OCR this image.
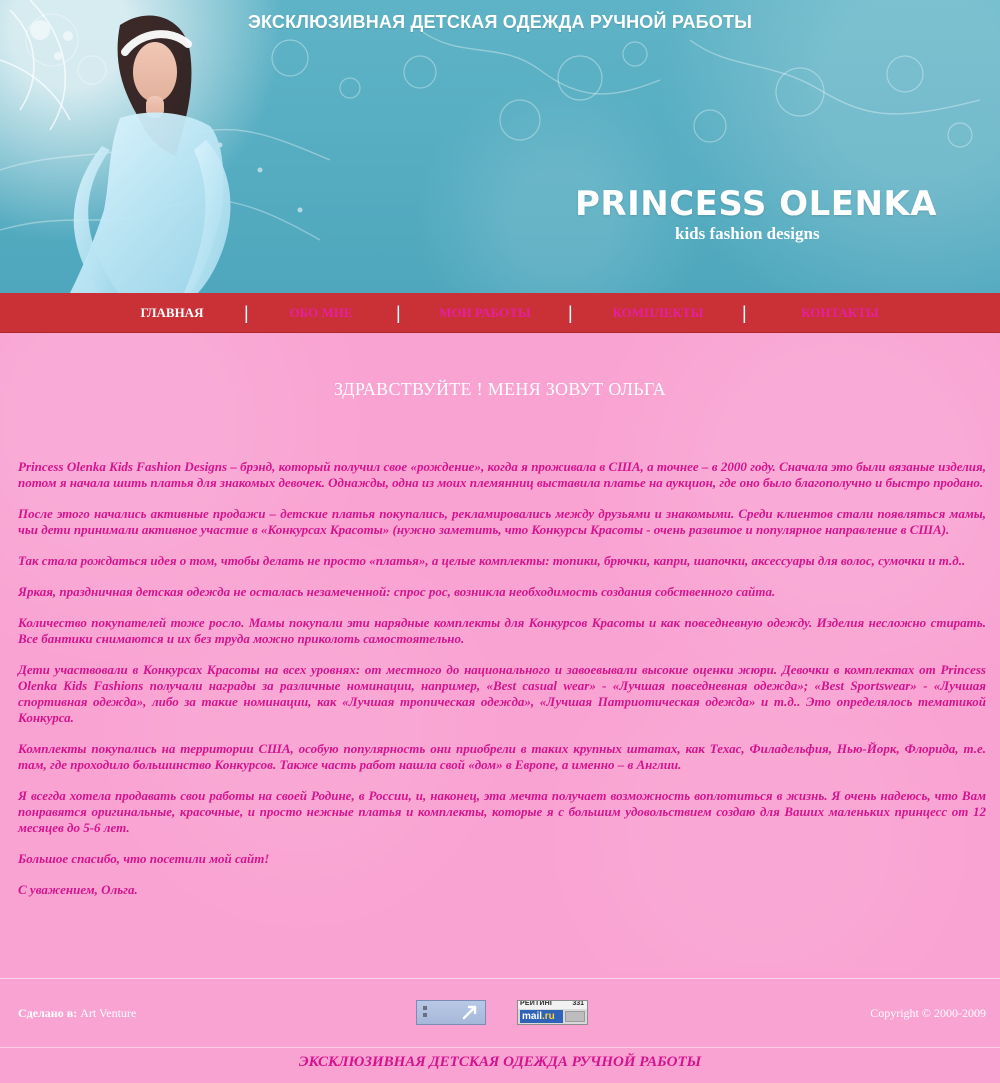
ЭКСКЛЮЗИВНАЯ ДЕТСКАЯ ОДЕЖДА РУЧНОЙ РАБОТЫ
PRINCESS OLENKA
kids fashion designs
ГЛАВНАЯ	|	ОБО МНЕ	|	МОИ РАБОТЫ	|	КОМПЛЕКТЫ	|	КОНТАКТЫ
ЗДРАВСТВУЙТЕ ! МЕНЯ ЗОВУТ ОЛЬГА

Princess Olenka Kids Fashion Designs – брэнд, который получил свое «рождение», когда я проживала в США, а точнее – в 2000 году. Сначала это были вязаные изделия, потом я начала шить платья для знакомых девочек. Однажды, одна из моих племянниц выставила платье на аукцион, где оно было благополучно и быстро продано.

После этого начались активные продажи – детские платья покупались, рекламировались между друзьями и знакомыми. Среди клиентов стали появляться мамы, чьи дети принимали активное участие в «Конкурсах Красоты» (нужно заметить, что Конкурсы Красоты - очень развитое и популярное направление в США).

Так стала рождаться идея о том, чтобы делать не просто «платья», а целые комплекты: топики, брючки, капри, шапочки, аксессуары для волос, сумочки и т.д..

Яркая, праздничная детская одежда не осталась незамеченной: спрос рос, возникла необходимость создания собственного сайта.

Количество покупателей тоже росло. Мамы покупали эти нарядные комплекты для Конкурсов Красоты и как повседневную одежду. Изделия несложно стирать. Все бантики снимаются и их без труда можно приколоть самостоятельно.

Дети участвовали в Конкурсах Красоты на всех уровнях: от местного до национального и завоевывали высокие оценки жюри. Девочки в комплектах от Princess Olenka Kids Fashions получали награды за различные номинации, например, «Best casual wear» - «Лучшая повседневная одежда»; «Best Sportswear» - «Лучшая спортивная одежда», либо за такие номинации, как «Лучшая тропическая одежда», «Лучшая Патриотическая одежда» и т.д.. Это определялось тематикой Конкурса.

Комплекты покупались на территории США, особую популярность они приобрели в таких крупных штатах, как Техас, Филадельфия, Нью-Йорк, Флорида, т.е. там, где проходило большинство Конкурсов. Также часть работ нашла свой «дом» в Европе, а именно – в Англии.

Я всегда хотела продавать свои работы на своей Родине, в России, и, наконец, эта мечта получает возможность воплотиться в жизнь. Я очень надеюсь, что Вам понравятся оригинальные, красочные, и просто нежные платья и комплекты, которые я с большим удовольствием создаю для Ваших маленьких принцесс от 12 месяцев до 5-6 лет.

Большое спасибо, что посетили мой сайт!

С уважением, Ольга.

Сделано в: Art Venture
РЕЙТИНГ	331
mail.ru	Copyright © 2000-2009
ЭКСКЛЮЗИВНАЯ ДЕТСКАЯ ОДЕЖДА РУЧНОЙ РАБОТЫ
